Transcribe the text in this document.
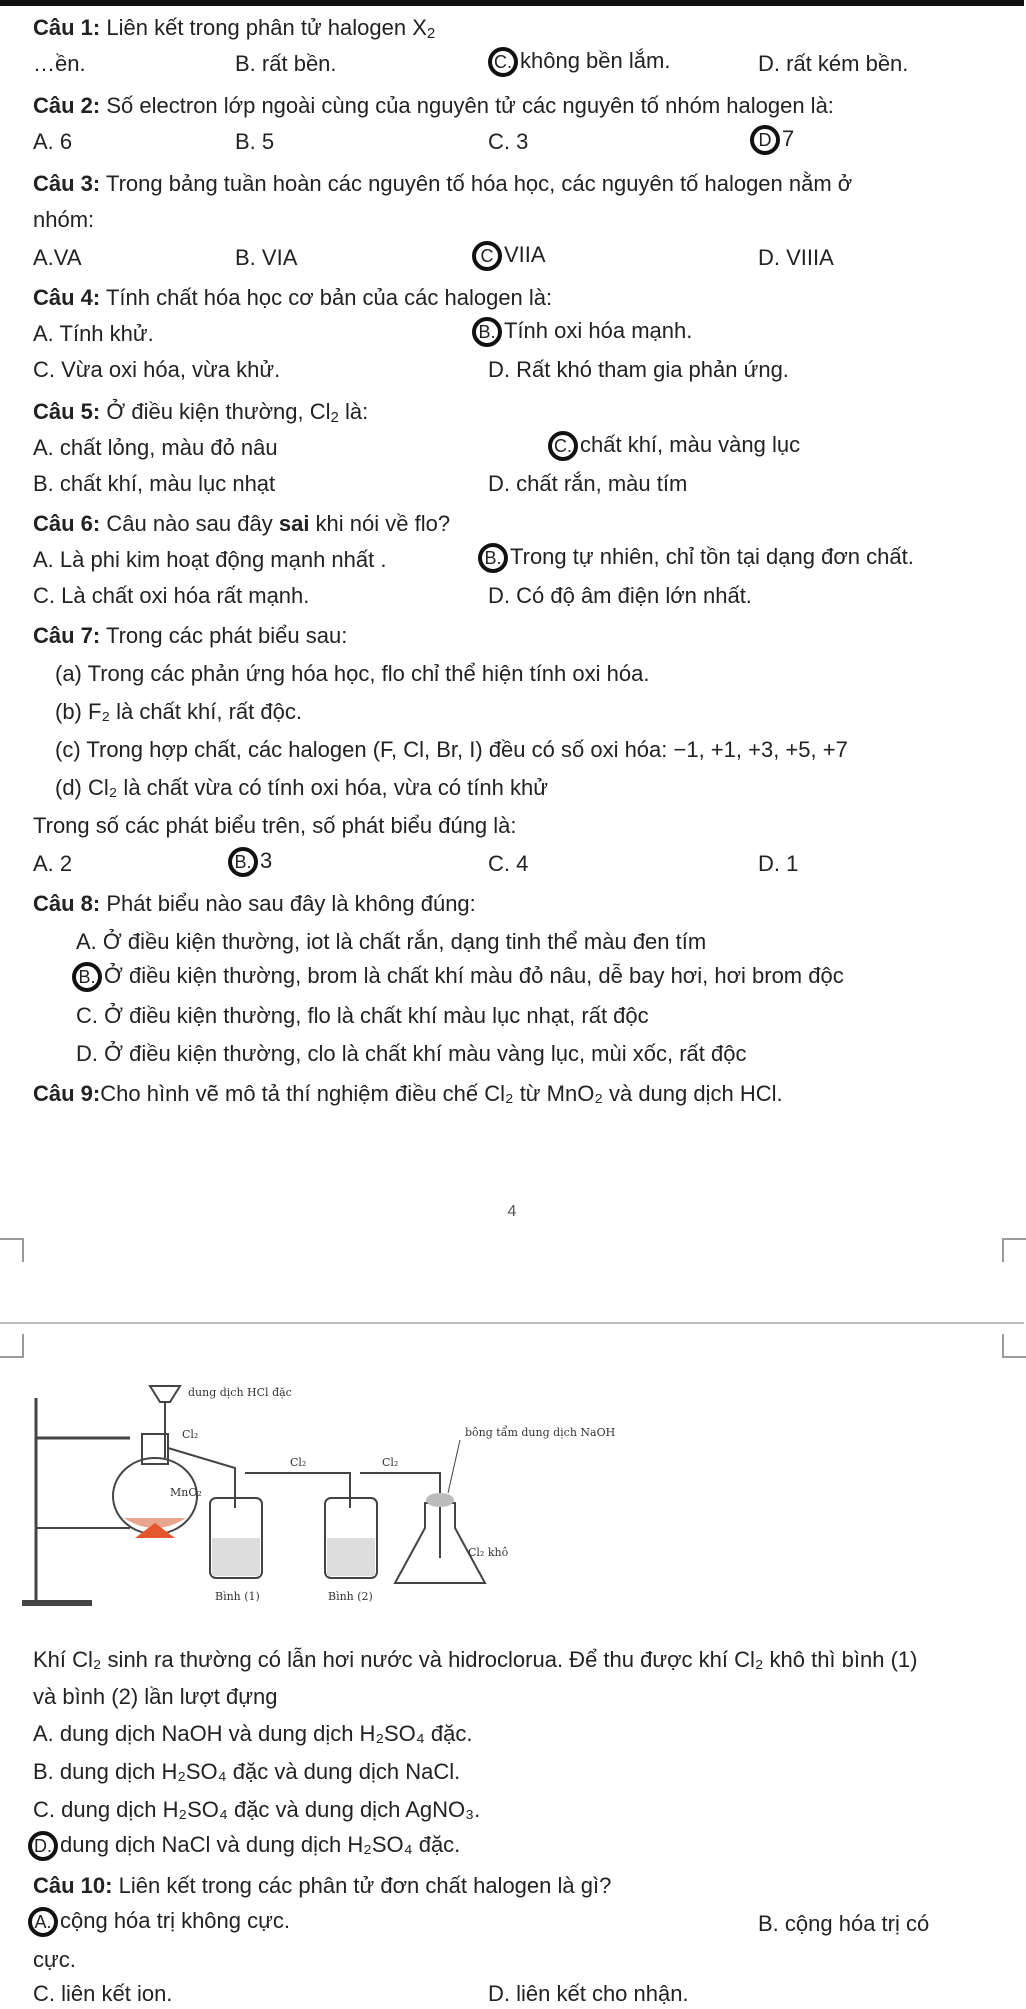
Câu 1: Liên kết trong phân tử halogen $X_2$
…ền.	B. rất bền.	C. không bền lắm.	D. rất kém bền.
Câu 2: Số electron lớp ngoài cùng của nguyên tử các nguyên tố nhóm halogen là:
A. 6	B. 5	C. 3	D 7
Câu 3: Trong bảng tuần hoàn các nguyên tố hóa học, các nguyên tố halogen nằm ở
nhóm:
A.VA	B. VIA	C VIIA	D. VIIIA
Câu 4: Tính chất hóa học cơ bản của các halogen là:
A. Tính khử.	B. Tính oxi hóa mạnh.
C. Vừa oxi hóa, vừa khử.	D. Rất khó tham gia phản ứng.
Câu 5: Ở điều kiện thường, $Cl_2$ là:
A. chất lỏng, màu đỏ nâu	C. chất khí, màu vàng lục
B. chất khí, màu lục nhạt	D. chất rắn, màu tím
Câu 6: Câu nào sau đây sai khi nói về flo?
A. Là phi kim hoạt động mạnh nhất .	B. Trong tự nhiên, chỉ tồn tại dạng đơn chất.
C. Là chất oxi hóa rất mạnh.	D. Có độ âm điện lớn nhất.
Câu 7: Trong các phát biểu sau:
(a) Trong các phản ứng hóa học, flo chỉ thể hiện tính oxi hóa.
(b) F₂ là chất khí, rất độc.
(c) Trong hợp chất, các halogen (F, Cl, Br, I) đều có số oxi hóa: −1, +1, +3, +5, +7
(d) Cl₂ là chất vừa có tính oxi hóa, vừa có tính khử
Trong số các phát biểu trên, số phát biểu đúng là:
A. 2	B. 3	C. 4	D. 1
Câu 8: Phát biểu nào sau đây là không đúng:
A. Ở điều kiện thường, iot là chất rắn, dạng tinh thể màu đen tím
B. Ở điều kiện thường, brom là chất khí màu đỏ nâu, dễ bay hơi, hơi brom độc
C. Ở điều kiện thường, flo là chất khí màu lục nhạt, rất độc
D. Ở điều kiện thường, clo là chất khí màu vàng lục, mùi xốc, rất độc
Câu 9:Cho hình vẽ mô tả thí nghiệm điều chế Cl₂ từ MnO₂ và dung dịch HCl.
4
dung dịch HCl đặc
MnO₂
Cl₂
Cl₂	Cl₂
Bình (1)	Bình (2)
bông tẩm dung dịch NaOH
Cl₂ khô
Khí Cl₂ sinh ra thường có lẫn hơi nước và hidroclorua. Để thu được khí Cl₂ khô thì bình (1)
và bình (2) lần lượt đựng
A. dung dịch NaOH và dung dịch H₂SO₄ đặc.
B. dung dịch H₂SO₄ đặc và dung dịch NaCl.
C. dung dịch H₂SO₄ đặc và dung dịch AgNO₃.
D. dung dịch NaCl và dung dịch H₂SO₄ đặc.
Câu 10: Liên kết trong các phân tử đơn chất halogen là gì?
A. cộng hóa trị không cực.	B. cộng hóa trị có
cực.
C. liên kết ion.	D. liên kết cho nhận.
